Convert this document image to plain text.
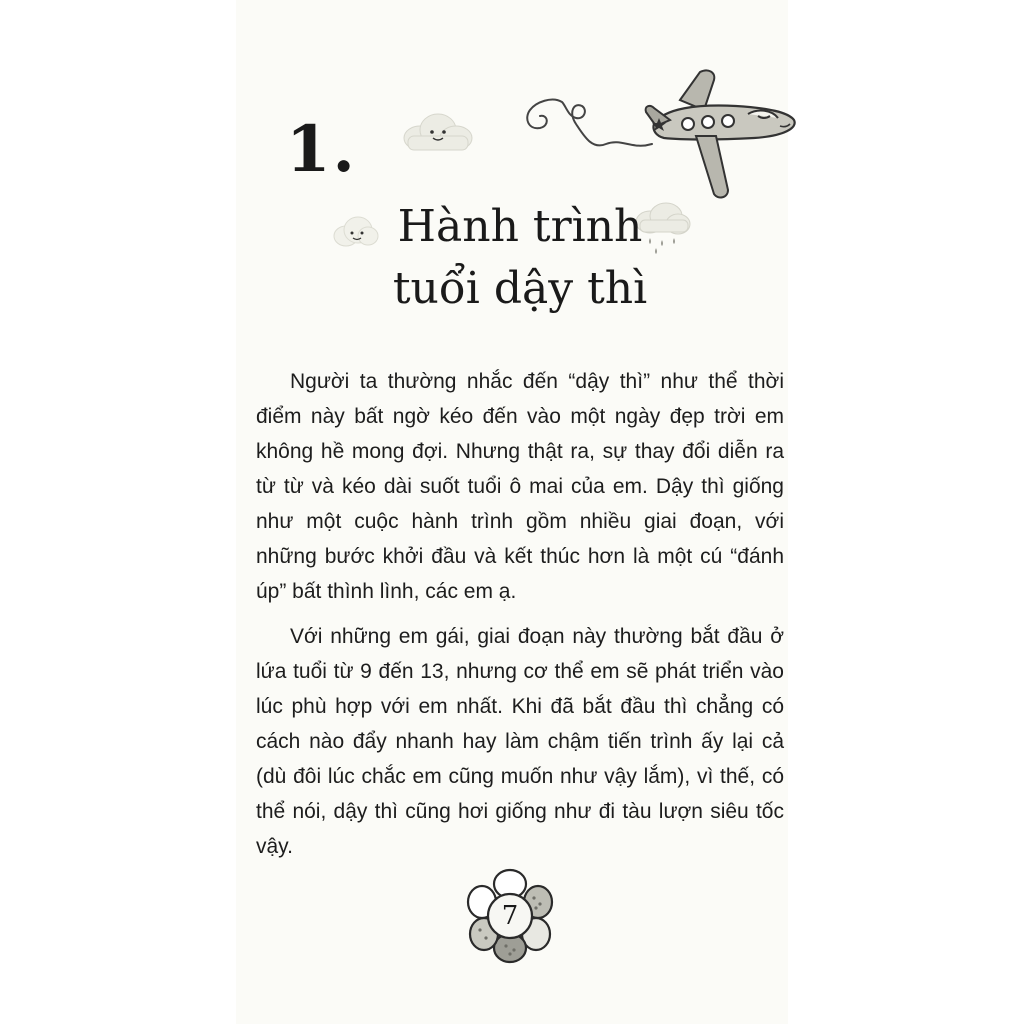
1.
Hành trình
tuổi dậy thì

Người ta thường nhắc đến “dậy thì” như thể thời điểm này bất ngờ kéo đến vào một ngày đẹp trời em không hề mong đợi. Nhưng thật ra, sự thay đổi diễn ra từ từ và kéo dài suốt tuổi ô mai của em. Dậy thì giống như một cuộc hành trình gồm nhiều giai đoạn, với những bước khởi đầu và kết thúc hơn là một cú “đánh úp” bất thình lình, các em ạ.

Với những em gái, giai đoạn này thường bắt đầu ở lứa tuổi từ 9 đến 13, nhưng cơ thể em sẽ phát triển vào lúc phù hợp với em nhất. Khi đã bắt đầu thì chẳng có cách nào đẩy nhanh hay làm chậm tiến trình ấy lại cả (dù đôi lúc chắc em cũng muốn như vậy lắm), vì thế, có thể nói, dậy thì cũng hơi giống như đi tàu lượn siêu tốc vậy.

7
